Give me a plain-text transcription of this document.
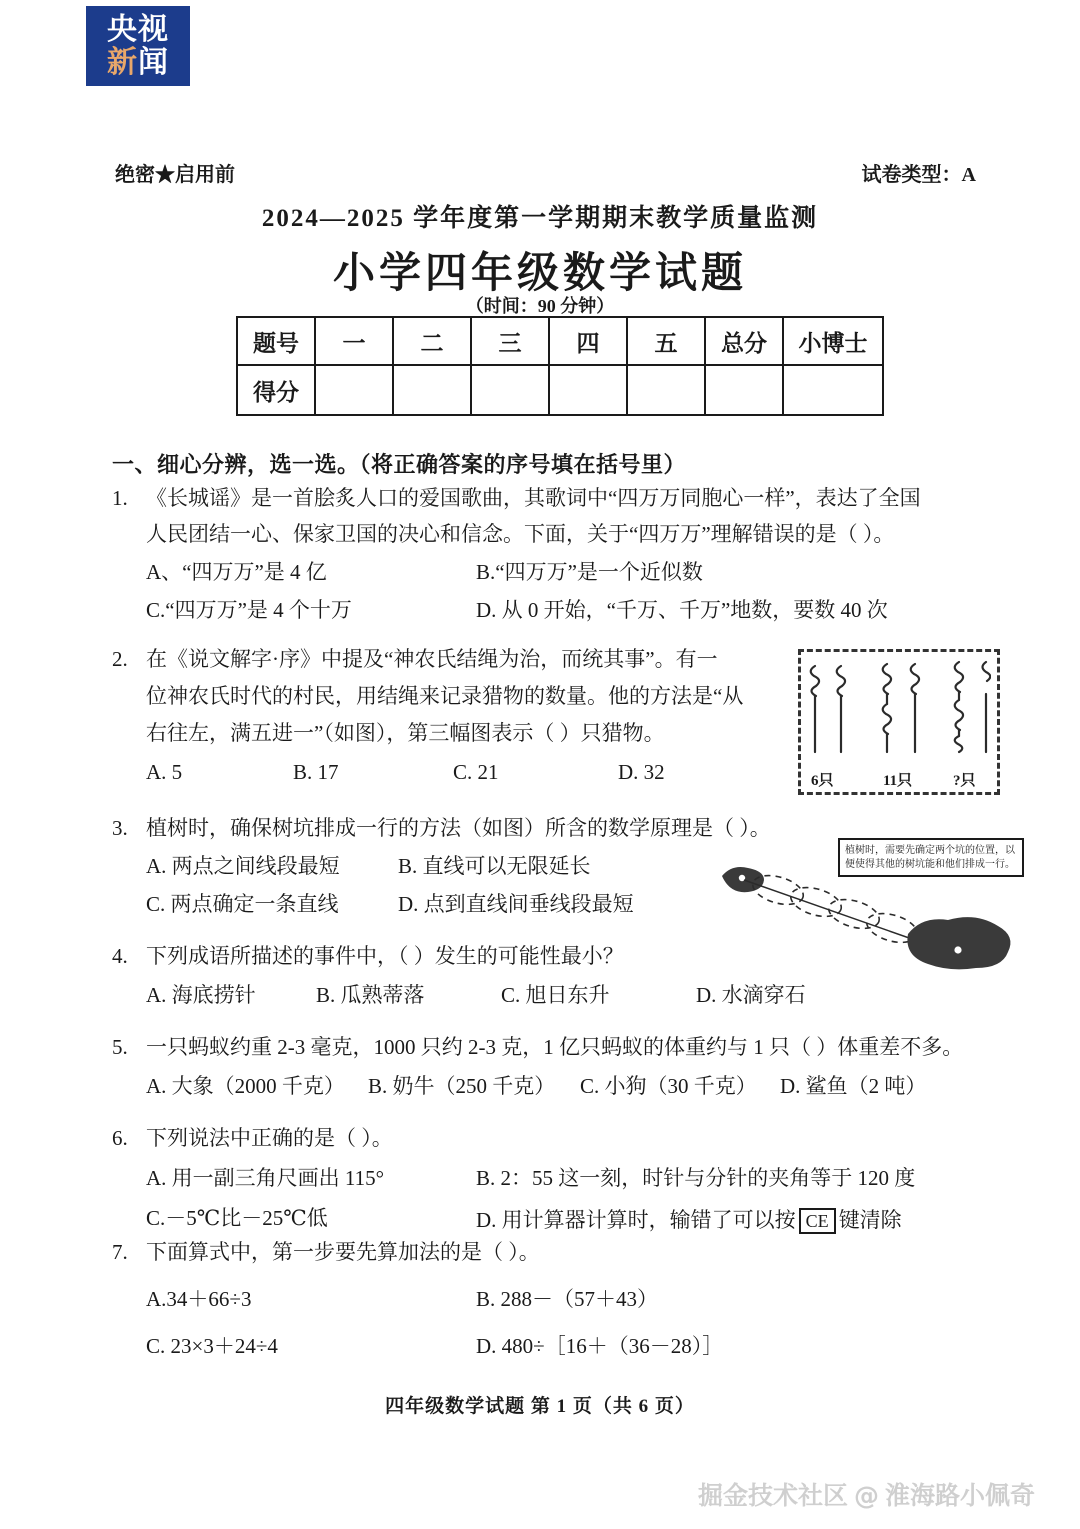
央视
新 闻
绝密★启用前	试卷类型：A
2024—2025 学年度第一学期期末教学质量监测
小学四年级数学试题
（时间：90 分钟）
题号	一	二	三	四	五	总分	小博士
得分							
一、细心分辨，选一选。（将正确答案的序号填在括号里）
1. 《长城谣》是一首脍炙人口的爱国歌曲，其歌词中“四万万同胞心一样”，表达了全国
人民团结一心、保家卫国的决心和信念。下面，关于“四万万”理解错误的是（ ）。
A、“四万万”是 4 亿	B.“四万万”是一个近似数
C.“四万万”是 4 个十万	D. 从 0 开始，“千万、千万”地数，要数 40 次
2. 在《说文解字·序》中提及“神农氏结绳为治，而统其事”。有一
位神农氏时代的村民，用结绳来记录猎物的数量。他的方法是“从
右往左，满五进一”（如图），第三幅图表示（ ）只猎物。
A. 5	B. 17	C. 21	D. 32	6只	11只	?只
3. 植树时，确保树坑排成一行的方法（如图）所含的数学原理是（ ）。
A. 两点之间线段最短	B. 直线可以无限延长
C. 两点确定一条直线	D. 点到直线间垂线段最短
植树时，需要先确定两个坑的位置，以便使得其他的树坑能和他们排成一行。
4. 下列成语所描述的事件中，（ ）发生的可能性最小？
A. 海底捞针	B. 瓜熟蒂落	C. 旭日东升	D. 水滴穿石
5. 一只蚂蚁约重 2-3 毫克，1000 只约 2-3 克，1 亿只蚂蚁的体重约与 1 只（ ）体重差不多。
A. 大象（2000 千克）	B. 奶牛（250 千克）	C. 小狗（30 千克）	D. 鲨鱼（2 吨）
6. 下列说法中正确的是（ ）。
A. 用一副三角尺画出 115°	B. 2：55 这一刻，时针与分针的夹角等于 120 度
C.－5℃比－25℃低	D. 用计算器计算时，输错了可以按 CE 键清除
7. 下面算式中，第一步要先算加法的是（ ）。
A.34＋66÷3	B. 288－（57＋43）
C. 23×3＋24÷4	D. 480÷［16＋（36－28）］
四年级数学试题 第 1 页（共 6 页）
掘金技术社区 @ 淮海路小佩奇
